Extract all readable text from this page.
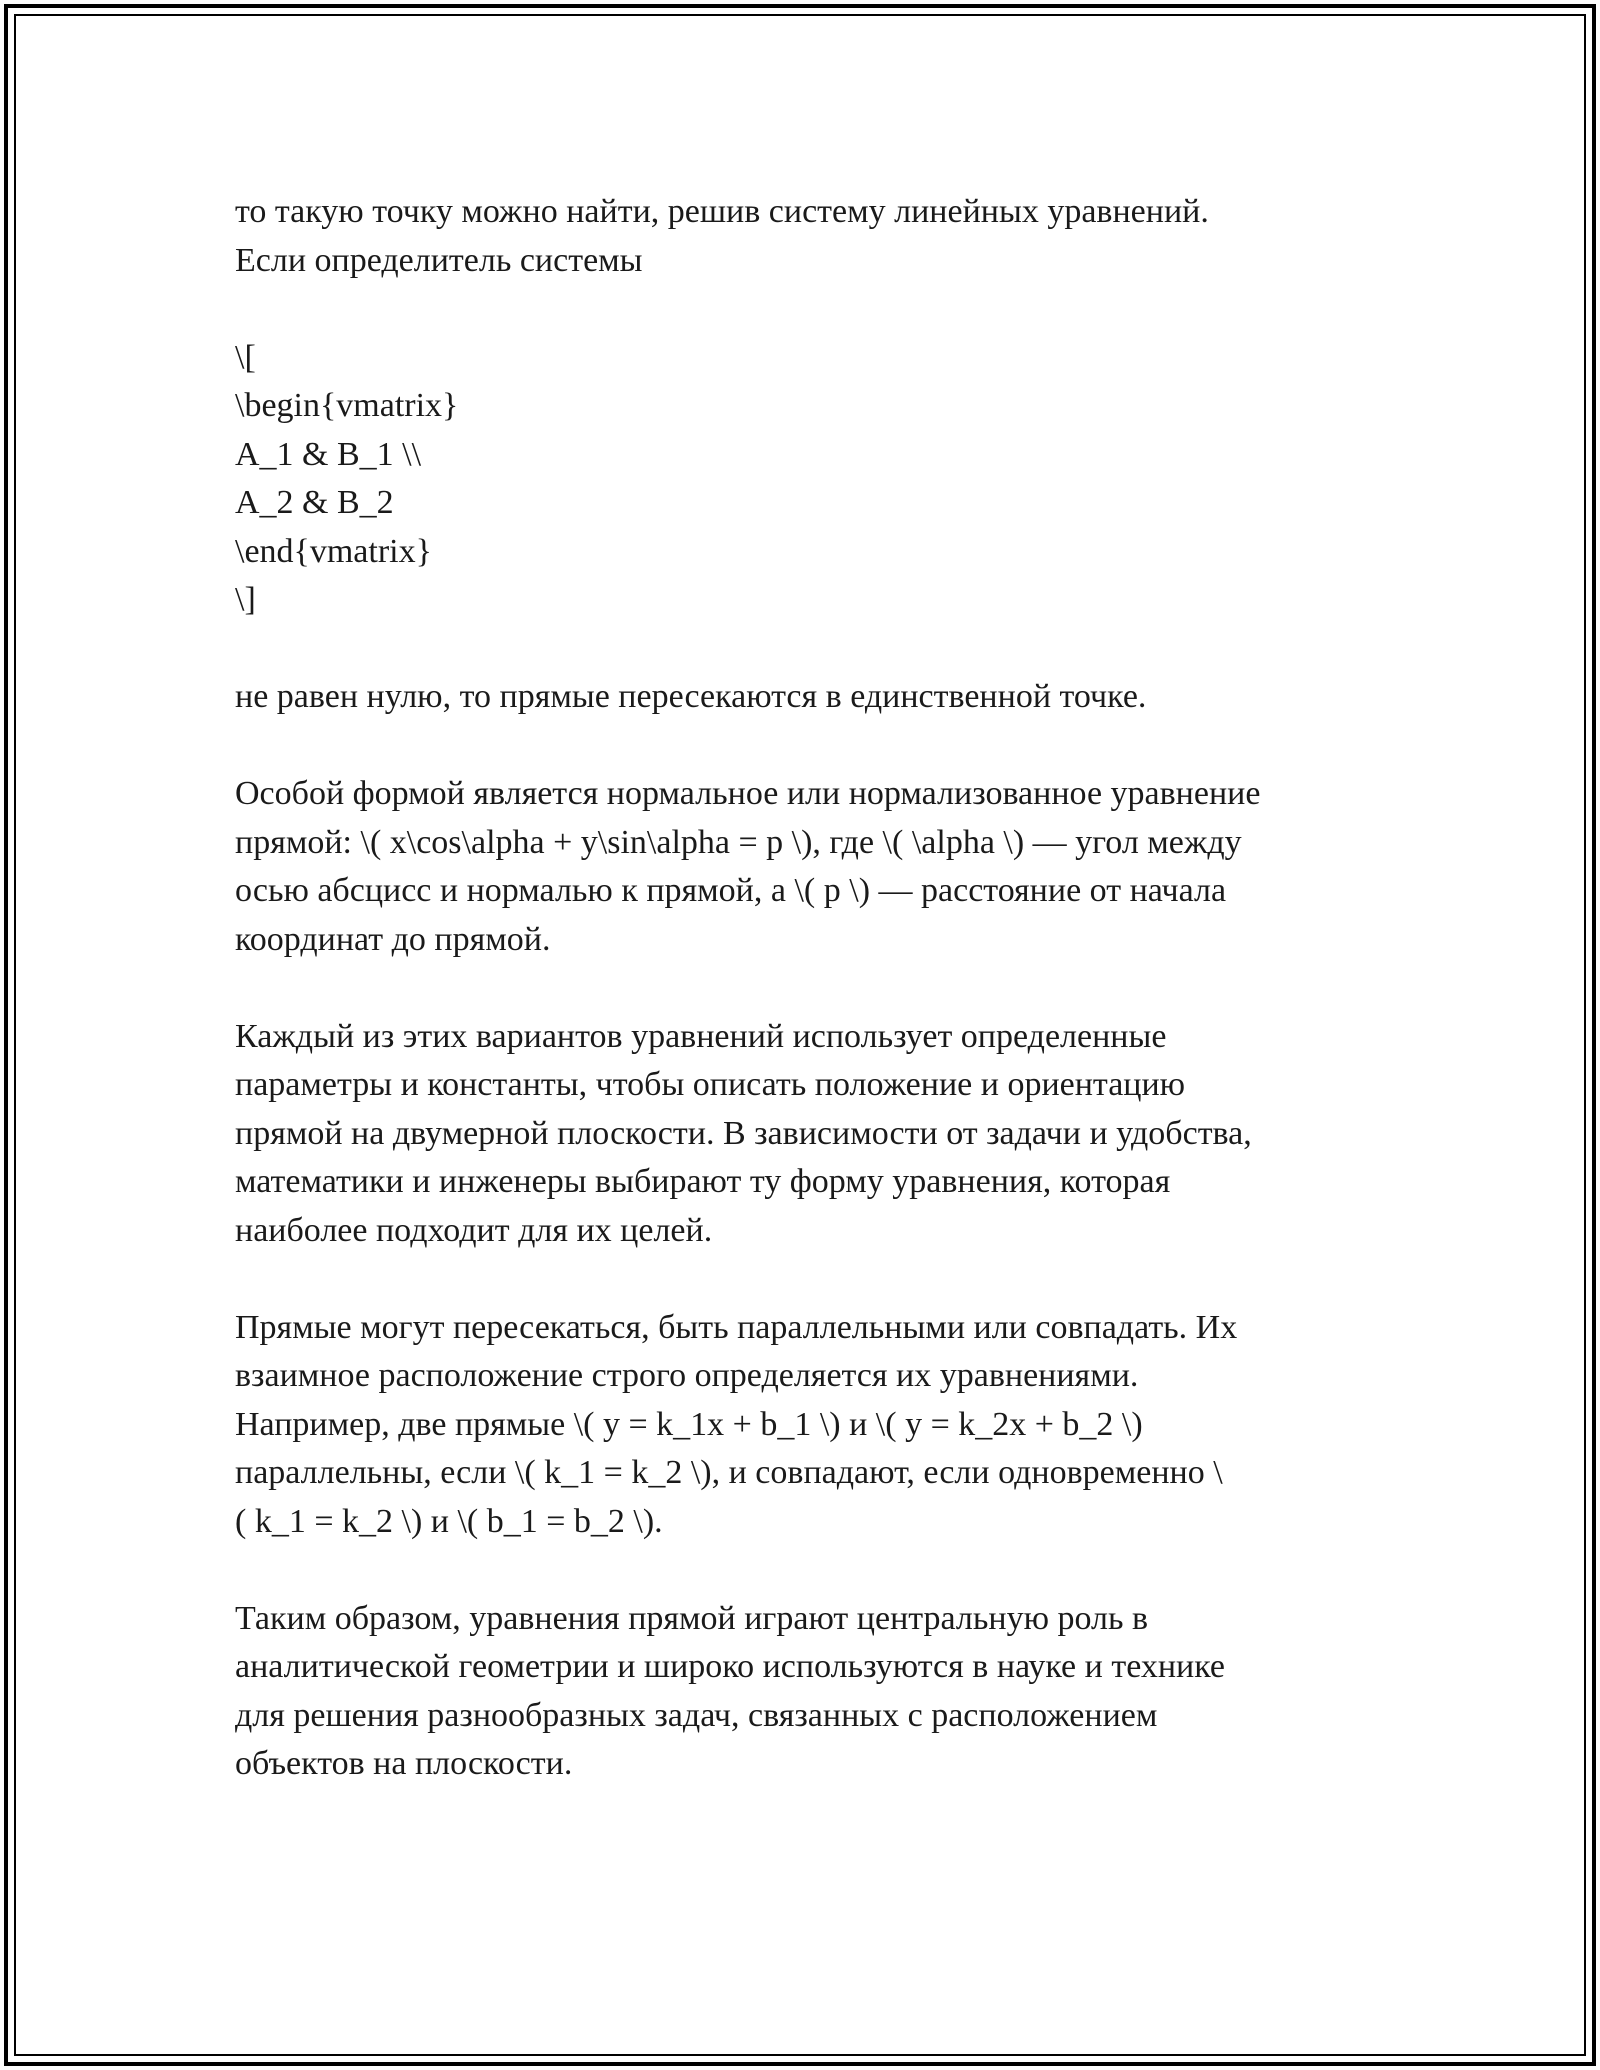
то такую точку можно найти, решив систему линейных уравнений.
Если определитель системы

\[
\begin{vmatrix}
A_1 & B_1 \\
A_2 & B_2
\end{vmatrix}
\]

не равен нулю, то прямые пересекаются в единственной точке.

Особой формой является нормальное или нормализованное уравнение
прямой: \( x\cos\alpha + y\sin\alpha = p \), где \( \alpha \) — угол между
осью абсцисс и нормалью к прямой, а \( p \) — расстояние от начала
координат до прямой.

Каждый из этих вариантов уравнений использует определенные
параметры и константы, чтобы описать положение и ориентацию
прямой на двумерной плоскости. В зависимости от задачи и удобства,
математики и инженеры выбирают ту форму уравнения, которая
наиболее подходит для их целей.

Прямые могут пересекаться, быть параллельными или совпадать. Их
взаимное расположение строго определяется их уравнениями.
Например, две прямые \( y = k_1x + b_1 \) и \( y = k_2x + b_2 \)
параллельны, если \( k_1 = k_2 \), и совпадают, если одновременно \
( k_1 = k_2 \) и \( b_1 = b_2 \).

Таким образом, уравнения прямой играют центральную роль в
аналитической геометрии и широко используются в науке и технике
для решения разнообразных задач, связанных с расположением
объектов на плоскости.
